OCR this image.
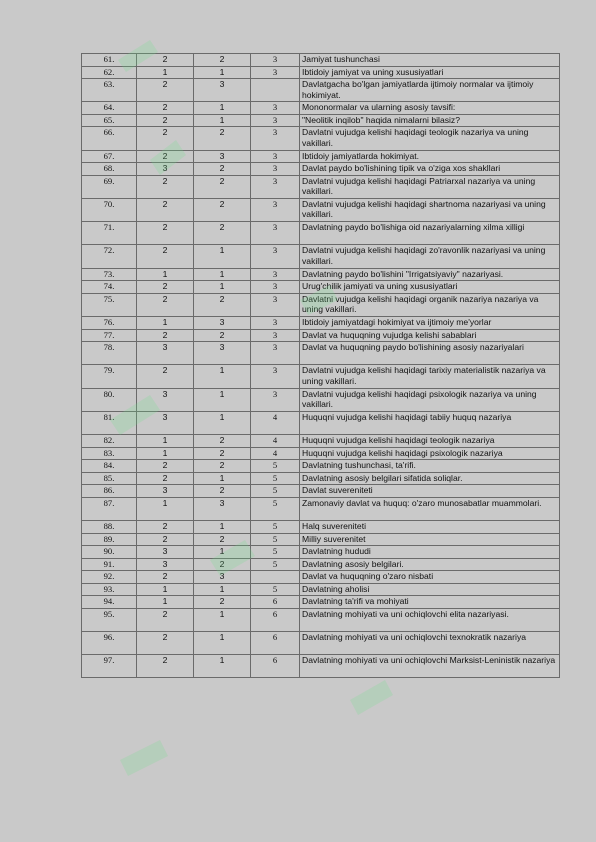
61.	2	2	3	Jamiyat tushunchasi
62.	1	1	3	Ibtidoiy jamiyat va uning xususiyatlari
63.	2	3		Davlatgacha bo'lgan jamiyatlarda ijtimoiy normalar va ijtimoiy hokimiyat.
64.	2	1	3	Mononormalar va ularning asosiy tavsifi:
65.	2	1	3	"Neolitik inqilob" haqida nimalarni bilasiz?
66.	2	2	3	Davlatni vujudga kelishi haqidagi teologik nazariya va uning vakillari.
67.	2	3	3	Ibtidoiy jamiyatlarda hokimiyat.
68.	3	2	3	Davlat paydo bo'lishining tipik va o'ziga xos shakllari
69.	2	2	3	Davlatni vujudga kelishi haqidagi Patriarxal nazariya va uning vakillari.
70.	2	2	3	Davlatni vujudga kelishi haqidagi shartnoma nazariyasi va uning vakillari.
71.	2	2	3	Davlatning paydo bo'lishiga oid nazariyalarning xilma xilligi
72.	2	1	3	Davlatni vujudga kelishi haqidagi zo'ravonlik nazariyasi va uning vakillari.
73.	1	1	3	Davlatning paydo bo'lishini "Irrigatsiyaviy" nazariyasi.
74.	2	1	3	Urug'chilik jamiyati va uning xususiyatlari
75.	2	2	3	Davlatni vujudga kelishi haqidagi organik nazariya nazariya va uning vakillari.
76.	1	3	3	Ibtidoiy jamiyatdagi hokimiyat va ijtimoiy me'yorlar
77.	2	2	3	Davlat va huquqning vujudga kelishi sabablari
78.	3	3	3	Davlat va huquqning paydo bo'lishining asosiy nazariyalari
79.	2	1	3	Davlatni vujudga kelishi haqidagi tarixiy materialistik nazariya va uning vakillari.
80.	3	1	3	Davlatni vujudga kelishi haqidagi psixologik nazariya va uning vakillari.
81.	3	1	4	Huquqni vujudga kelishi haqidagi tabiiy huquq nazariya
82.	1	2	4	Huquqni vujudga kelishi haqidagi teologik nazariya
83.	1	2	4	Huquqni vujudga kelishi haqidagi psixologik nazariya
84.	2	2	5	Davlatning tushunchasi, ta'rifi.
85.	2	1	5	Davlatning asosiy belgilari sifatida soliqlar.
86.	3	2	5	Davlat suvereniteti
87.	1	3	5	Zamonaviy davlat va huquq: o'zaro munosabatlar muammolari.
88.	2	1	5	Halq suvereniteti
89.	2	2	5	Milliy suverenitet
90.	3	1	5	Davlatning hududi
91.	3	2	5	Davlatning asosiy belgilari.
92.	2	3		Davlat va huquqning o'zaro nisbati
93.	1	1	5	Davlatning aholisi
94.	1	2	6	Davlatning ta'rifi va mohiyati
95.	2	1	6	Davlatning mohiyati va uni ochiqlovchi elita nazariyasi.
96.	2	1	6	Davlatning mohiyati va uni ochiqlovchi texnokratik nazariya
97.	2	1	6	Davlatning mohiyati va uni ochiqlovchi Marksist-Leninistik nazariya
